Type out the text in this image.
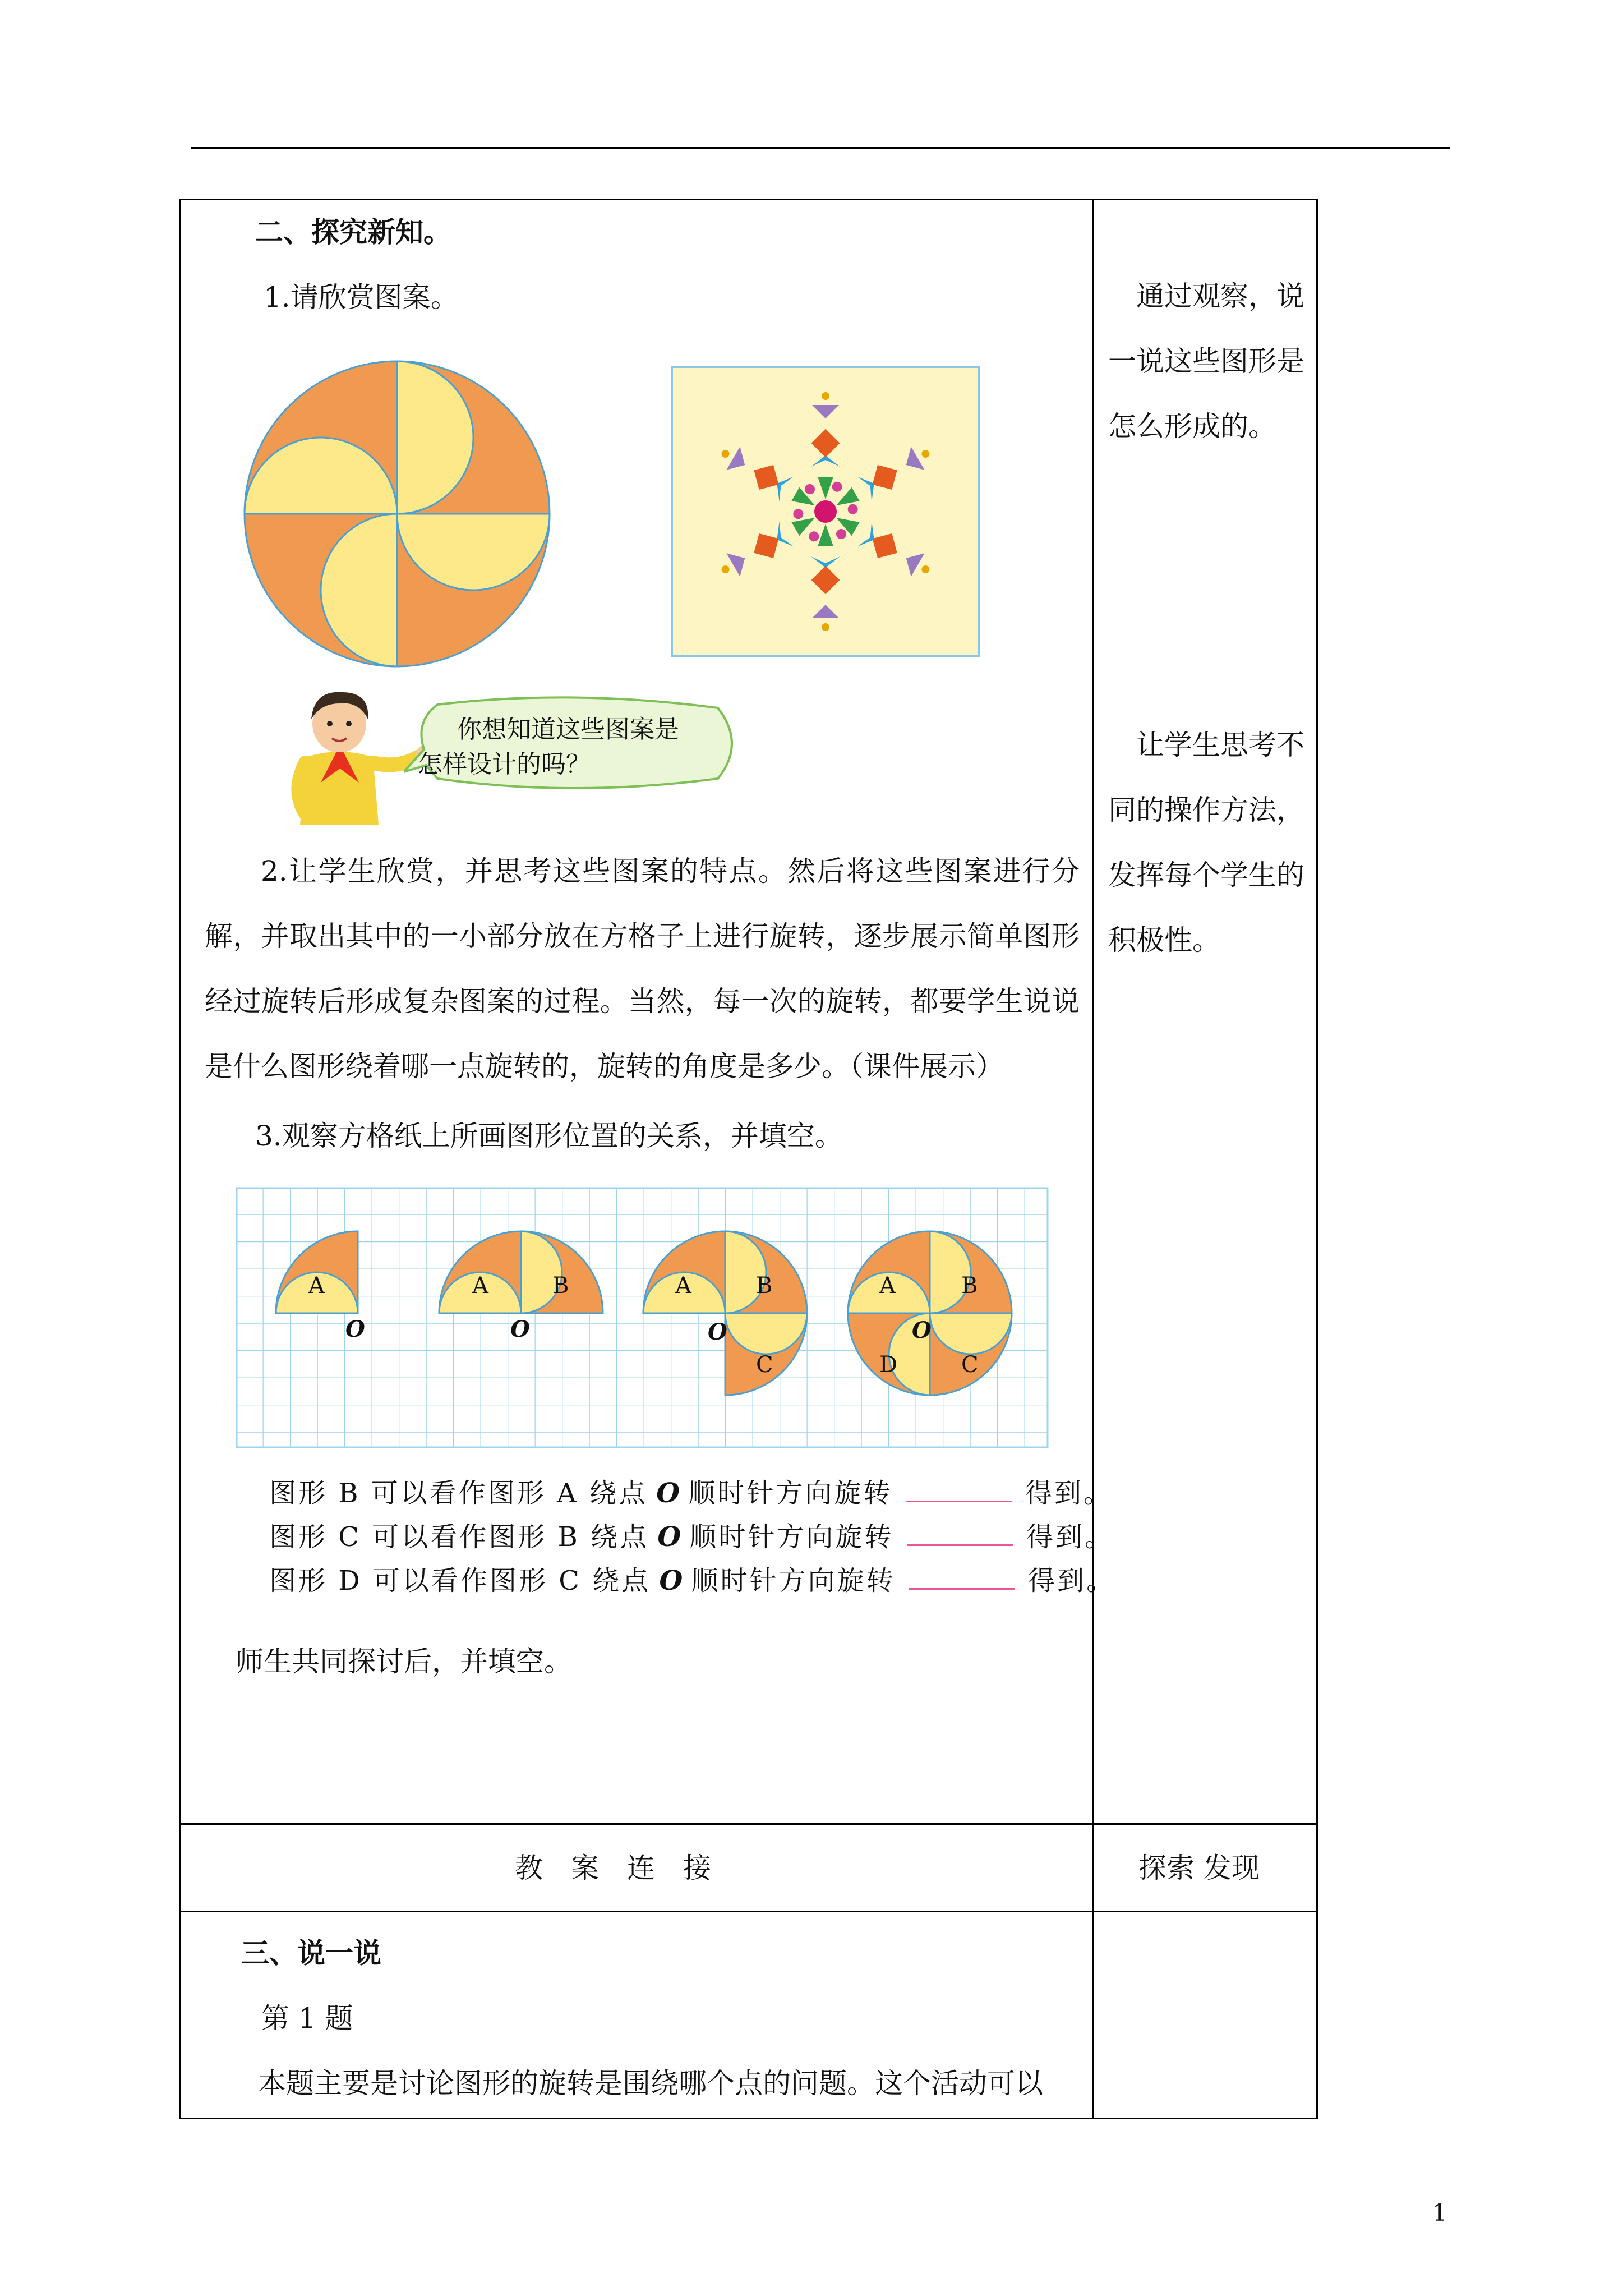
二、探究新知。
1.请欣赏图案。
你想知道这些图案是
怎样设计的吗？
2.让学生欣赏，并思考这些图案的特点。然后将这些图案进行分解，并取出其中的一小部分放在方格子上进行旋转，逐步展示简单图形经过旋转后形成复杂图案的过程。当然，每一次的旋转，都要学生说说是什么图形绕着哪一点旋转的，旋转的角度是多少。（课件展示）
3.观察方格纸上所画图形位置的关系，并填空。
A
O
A	B
O
A	B
C
O
A	B
C
D
O
图形 B 可以看作图形 A 绕点 O 顺时针方向旋转	得到。
图形 C 可以看作图形 B 绕点 O 顺时针方向旋转	得到。
图形 D 可以看作图形 C 绕点 O 顺时针方向旋转	得到。
师生共同探讨后，并填空。
通过观察，说一说这些图形是怎么形成的。
让学生思考不同的操作方法，发挥每个学生的积极性。
教　案　连　接	探索 发现
三、说一说
第 1 题
本题主要是讨论图形的旋转是围绕哪个点的问题。这个活动可以
1
